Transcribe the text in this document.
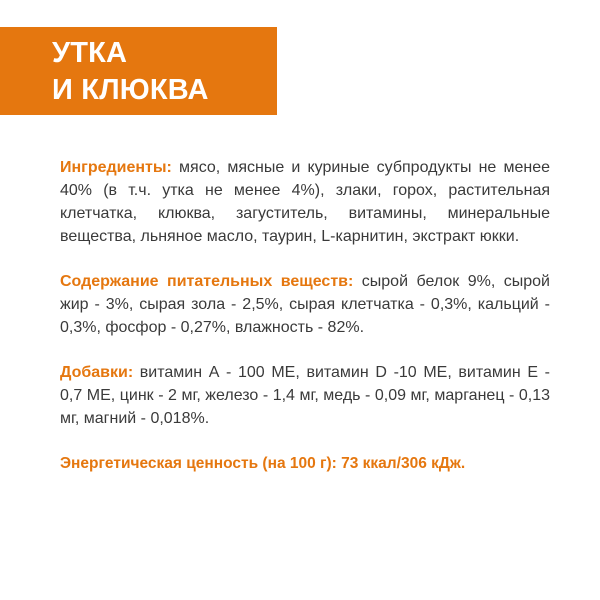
УТКА
И КЛЮКВА

Ингредиенты: мясо, мясные и куриные субпродукты не менее 40% (в т.ч. утка не менее 4%), злаки, горох, растительная клетчатка, клюква, загуститель, витамины, минеральные вещества, льняное масло, таурин, L-карнитин, экстракт юкки.

Содержание питательных веществ: сырой белок 9%, сырой жир - 3%, сырая зола - 2,5%, сырая клетчатка - 0,3%, кальций - 0,3%, фосфор - 0,27%, влажность - 82%.

Добавки: витамин А - 100 МЕ, витамин D -10 МЕ, витамин Е - 0,7 МЕ, цинк - 2 мг, железо - 1,4 мг, медь - 0,09 мг, марганец - 0,13 мг, магний - 0,018%.

Энергетическая ценность (на 100 г): 73 ккал/306 кДж.
